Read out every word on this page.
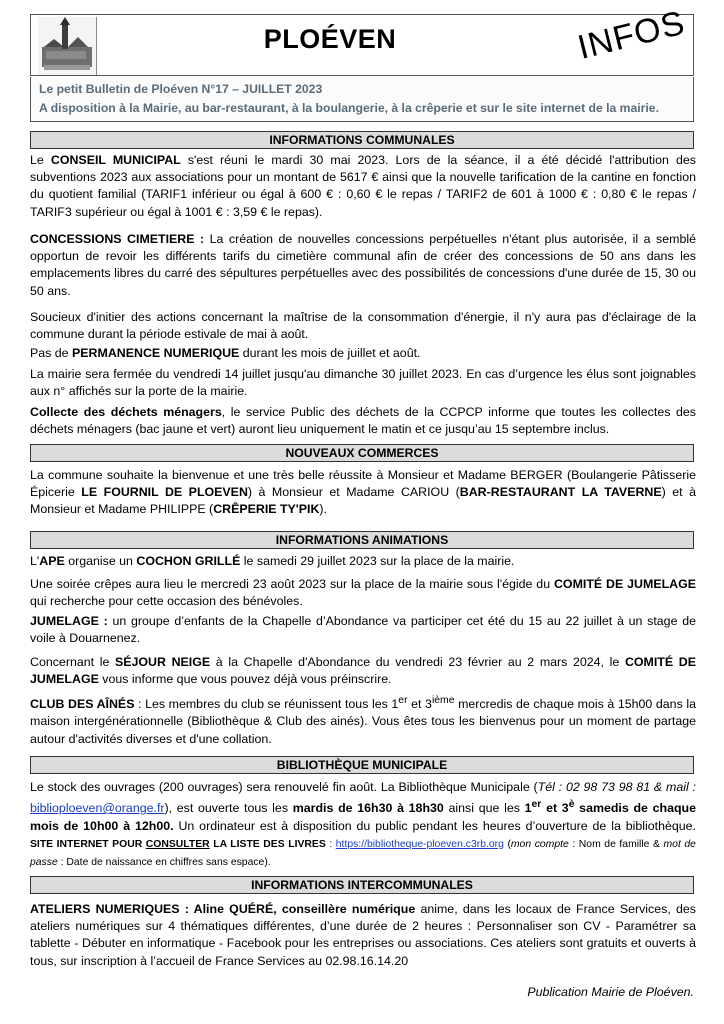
PLOÉVEN	INFOS
Le petit Bulletin de Ploéven N°17 – JUILLET 2023
A disposition à la Mairie, au bar-restaurant, à la boulangerie, à la crêperie et sur le site internet de la mairie.
INFORMATIONS COMMUNALES

Le CONSEIL MUNICIPAL s'est réuni le mardi 30 mai 2023. Lors de la séance, il a été décidé l'attribution des subventions 2023 aux associations pour un montant de 5617 € ainsi que la nouvelle tarification de la cantine en fonction du quotient familial (TARIF1 inférieur ou égal à 600 € : 0,60 € le repas / TARIF2 de 601 à 1000 € : 0,80 € le repas / TARIF3 supérieur ou égal à 1001 € : 3,59 € le repas).

CONCESSIONS CIMETIERE : La création de nouvelles concessions perpétuelles n'étant plus autorisée, il a semblé opportun de revoir les différents tarifs du cimetière communal afin de créer des concessions de 50 ans dans les emplacements libres du carré des sépultures perpétuelles avec des possibilités de concessions d'une durée de 15, 30 ou 50 ans.

Soucieux d'initier des actions concernant la maîtrise de la consommation d'énergie, il n'y aura pas d'éclairage de la commune durant la période estivale de mai à août.

Pas de PERMANENCE NUMERIQUE durant les mois de juillet et août.

La mairie sera fermée du vendredi 14 juillet jusqu'au dimanche 30 juillet 2023. En cas d’urgence les élus sont joignables aux n° affichés sur la porte de la mairie.

Collecte des déchets ménagers, le service Public des déchets de la CCPCP informe que toutes les collectes des déchets ménagers (bac jaune et vert) auront lieu uniquement le matin et ce jusqu’au 15 septembre inclus.

NOUVEAUX COMMERCES

La commune souhaite la bienvenue et une très belle réussite à Monsieur et Madame BERGER (Boulangerie Pâtisserie Épicerie LE FOURNIL DE PLOEVEN) à Monsieur et Madame CARIOU (BAR-RESTAURANT LA TAVERNE) et à Monsieur et Madame PHILIPPE (CRÊPERIE TY'PIK).

INFORMATIONS ANIMATIONS

L'APE organise un COCHON GRILLÉ le samedi 29 juillet 2023 sur la place de la mairie.

Une soirée crêpes aura lieu le mercredi 23 août 2023 sur la place de la mairie sous l'égide du COMITÉ DE JUMELAGE qui recherche pour cette occasion des bénévoles.

JUMELAGE : un groupe d’enfants de la Chapelle d’Abondance va participer cet été du 15 au 22 juillet à un stage de voile à Douarnenez.

Concernant le SÉJOUR NEIGE à la Chapelle d'Abondance du vendredi 23 février au 2 mars 2024, le COMITÉ DE JUMELAGE vous informe que vous pouvez déjà vous préinscrire.

CLUB DES AÎNÉS : Les membres du club se réunissent tous les 1er et 3ième mercredis de chaque mois à 15h00 dans la maison intergénérationnelle (Bibliothèque & Club des ainés). Vous êtes tous les bienvenus pour un moment de partage autour d'activités diverses et d'une collation.

BIBLIOTHÈQUE MUNICIPALE

Le stock des ouvrages (200 ouvrages) sera renouvelé fin août. La Bibliothèque Municipale (Tél : 02 98 73 98 81 & mail : biblioploeven@orange.fr), est ouverte tous les mardis de 16h30 à 18h30 ainsi que les 1er et $3^è$ samedis de chaque mois de 10h00 à 12h00. Un ordinateur est à disposition du public pendant les heures d’ouverture de la bibliothèque. SITE INTERNET POUR CONSULTER LA LISTE DES LIVRES : https://bibliotheque-ploeven.c3rb.org (mon compte : Nom de famille & mot de passe : Date de naissance en chiffres sans espace).

INFORMATIONS INTERCOMMUNALES

ATELIERS NUMERIQUES : Aline QUÉRÉ, conseillère numérique anime, dans les locaux de France Services, des ateliers numériques sur 4 thématiques différentes, d’une durée de 2 heures : Personnaliser son CV - Paramétrer sa tablette - Débuter en informatique - Facebook pour les entreprises ou associations. Ces ateliers sont gratuits et ouverts à tous, sur inscription à l’accueil de France Services au 02.98.16.14.20

Publication Mairie de Ploéven.
